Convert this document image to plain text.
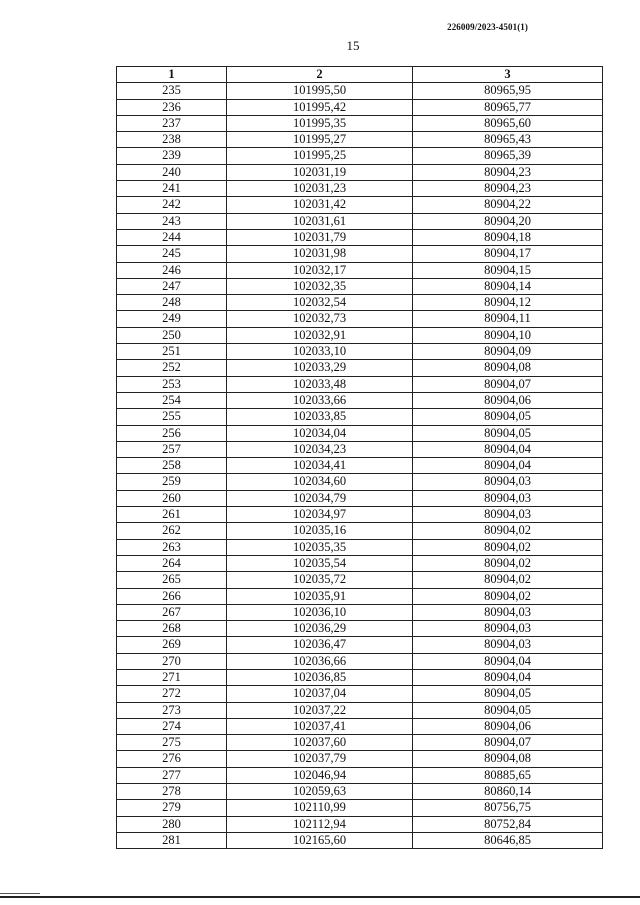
226009/2023-4501(1)
15
1	2	3
235	101995,50	80965,95
236	101995,42	80965,77
237	101995,35	80965,60
238	101995,27	80965,43
239	101995,25	80965,39
240	102031,19	80904,23
241	102031,23	80904,23
242	102031,42	80904,22
243	102031,61	80904,20
244	102031,79	80904,18
245	102031,98	80904,17
246	102032,17	80904,15
247	102032,35	80904,14
248	102032,54	80904,12
249	102032,73	80904,11
250	102032,91	80904,10
251	102033,10	80904,09
252	102033,29	80904,08
253	102033,48	80904,07
254	102033,66	80904,06
255	102033,85	80904,05
256	102034,04	80904,05
257	102034,23	80904,04
258	102034,41	80904,04
259	102034,60	80904,03
260	102034,79	80904,03
261	102034,97	80904,03
262	102035,16	80904,02
263	102035,35	80904,02
264	102035,54	80904,02
265	102035,72	80904,02
266	102035,91	80904,02
267	102036,10	80904,03
268	102036,29	80904,03
269	102036,47	80904,03
270	102036,66	80904,04
271	102036,85	80904,04
272	102037,04	80904,05
273	102037,22	80904,05
274	102037,41	80904,06
275	102037,60	80904,07
276	102037,79	80904,08
277	102046,94	80885,65
278	102059,63	80860,14
279	102110,99	80756,75
280	102112,94	80752,84
281	102165,60	80646,85
